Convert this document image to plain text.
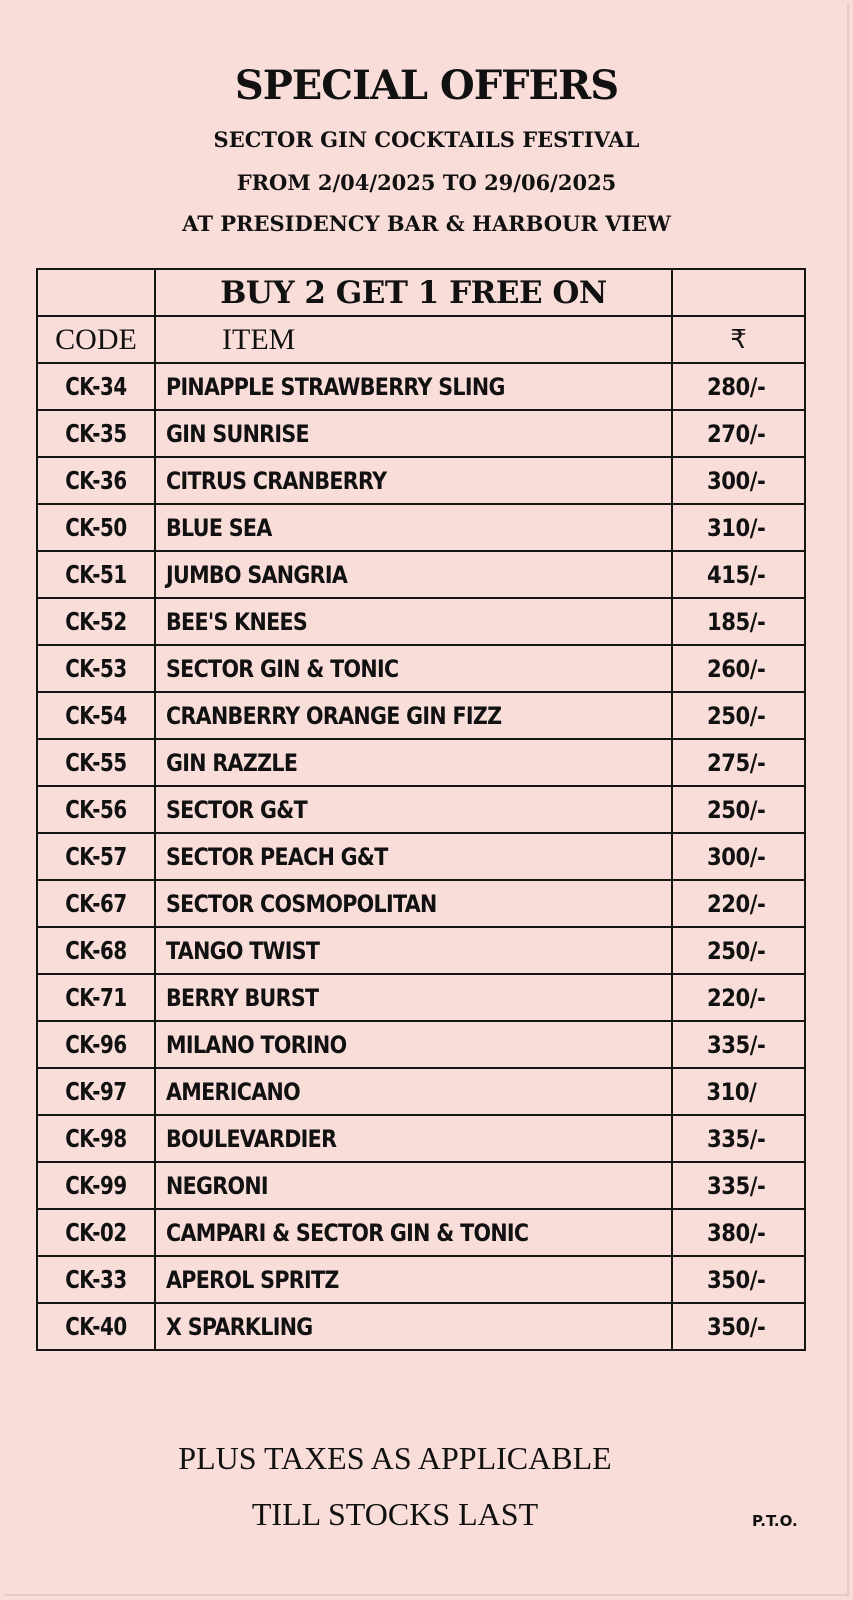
SPECIAL OFFERS
SECTOR GIN COCKTAILS FESTIVAL
FROM 2/04/2025 TO 29/06/2025
AT PRESIDENCY BAR & HARBOUR VIEW
	BUY 2 GET 1 FREE ON	
CODE	ITEM	₹
CK-34	PINAPPLE STRAWBERRY SLING	280/-
CK-35	GIN SUNRISE	270/-
CK-36	CITRUS CRANBERRY	300/-
CK-50	BLUE SEA	310/-
CK-51	JUMBO SANGRIA	415/-
CK-52	BEE'S KNEES	185/-
CK-53	SECTOR GIN & TONIC	260/-
CK-54	CRANBERRY ORANGE GIN FIZZ	250/-
CK-55	GIN RAZZLE	275/-
CK-56	SECTOR G&T	250/-
CK-57	SECTOR PEACH G&T	300/-
CK-67	SECTOR COSMOPOLITAN	220/-
CK-68	TANGO TWIST	250/-
CK-71	BERRY BURST	220/-
CK-96	MILANO TORINO	335/-
CK-97	AMERICANO	310/
CK-98	BOULEVARDIER	335/-
CK-99	NEGRONI	335/-
CK-02	CAMPARI & SECTOR GIN & TONIC	380/-
CK-33	APEROL SPRITZ	350/-
CK-40	X SPARKLING	350/-
PLUS TAXES AS APPLICABLE
TILL STOCKS LAST	P.T.O.
